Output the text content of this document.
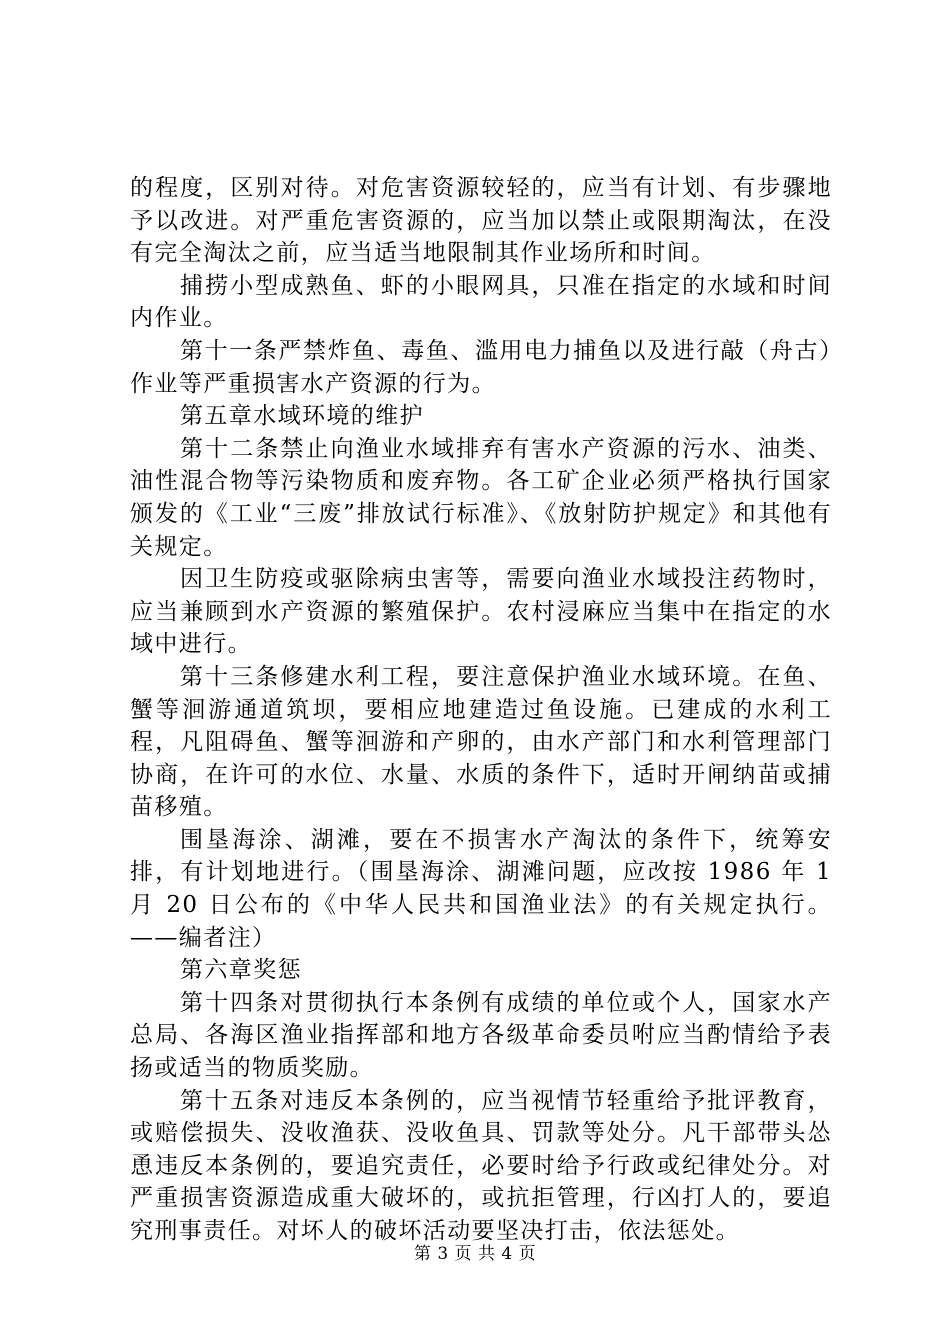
的程度，区别对待。对危害资源较轻的，应当有计划、有步骤地予以改进。对严重危害资源的，应当加以禁止或限期淘汰，在没有完全淘汰之前，应当适当地限制其作业场所和时间。

捕捞小型成熟鱼、虾的小眼网具，只准在指定的水域和时间内作业。

第十一条严禁炸鱼、毒鱼、滥用电力捕鱼以及进行敲（舟古）作业等严重损害水产资源的行为。

第五章水域环境的维护

第十二条禁止向渔业水域排弃有害水产资源的污水、油类、油性混合物等污染物质和废弃物。各工矿企业必须严格执行国家颁发的《工业“三废”排放试行标准》、《放射防护规定》和其他有关规定。

因卫生防疫或驱除病虫害等，需要向渔业水域投注药物时，应当兼顾到水产资源的繁殖保护。农村浸麻应当集中在指定的水域中进行。

第十三条修建水利工程，要注意保护渔业水域环境。在鱼、蟹等洄游通道筑坝，要相应地建造过鱼设施。已建成的水利工程，凡阻碍鱼、蟹等洄游和产卵的，由水产部门和水利管理部门协商，在许可的水位、水量、水质的条件下，适时开闸纳苗或捕苗移殖。

围垦海涂、湖滩，要在不损害水产淘汰的条件下，统筹安排，有计划地进行。（围垦海涂、湖滩问题，应改按 1986 年 1 月 20 日公布的《中华人民共和国渔业法》的有关规定执行。——编者注）

第六章奖惩

第十四条对贯彻执行本条例有成绩的单位或个人，国家水产总局、各海区渔业指挥部和地方各级革命委员咐应当酌情给予表扬或适当的物质奖励。

第十五条对违反本条例的，应当视情节轻重给予批评教育，或赔偿损失、没收渔获、没收鱼具、罚款等处分。凡干部带头怂恿违反本条例的，要追究责任，必要时给予行政或纪律处分。对严重损害资源造成重大破坏的，或抗拒管理，行凶打人的，要追究刑事责任。对坏人的破坏活动要坚决打击，依法惩处。

第 3 页 共 4 页
